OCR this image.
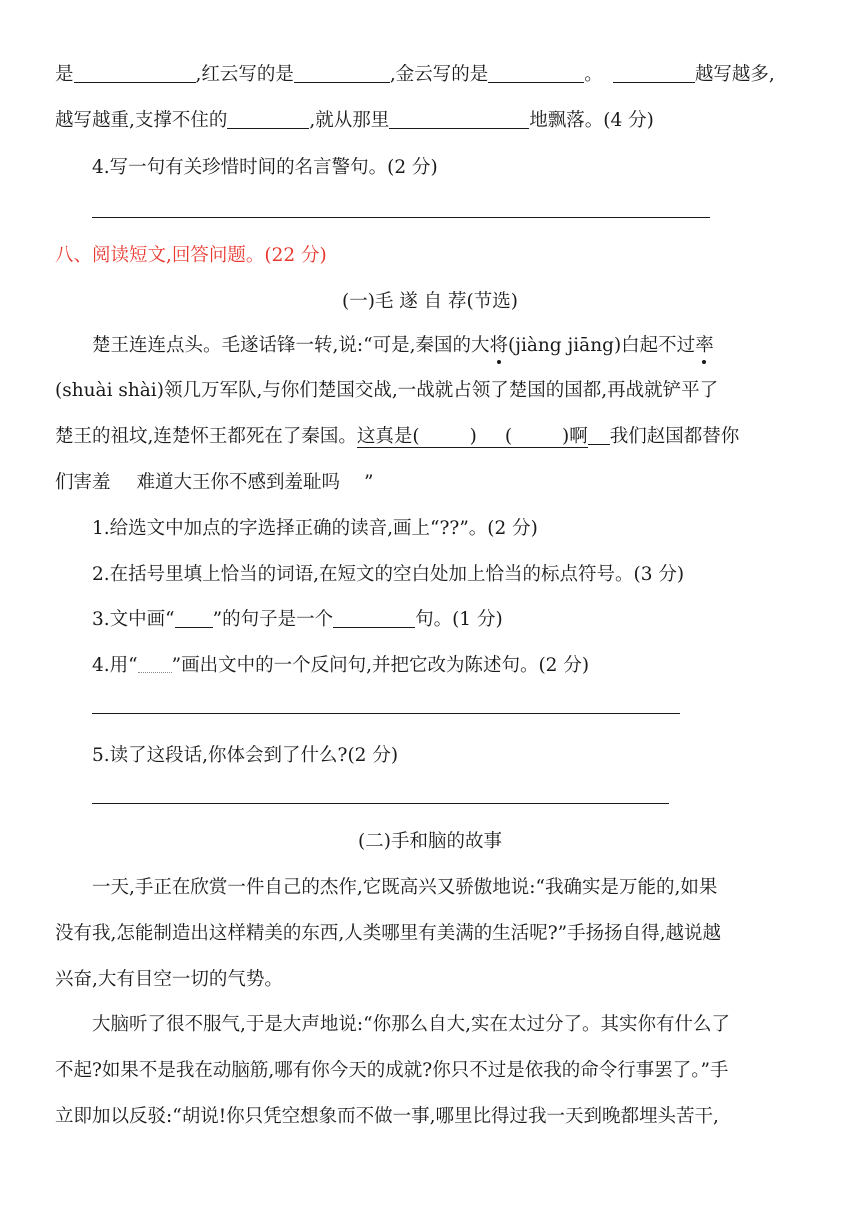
是	,红云写的是	,金云写的是	。	越写越多,
越写越重,支撑不住的	,就从那里	地飘落。(4 分)
4.写一句有关珍惜时间的名言警句。(2 分)
八、阅读短文,回答问题。(22 分)
(一)毛 遂 自 荐(节选)
楚王连连点头。毛遂话锋一转,说:“可是,秦国的大将(jiàng jiāng)白起不过率
(shuài shài)领几万军队,与你们楚国交战,一战就占领了楚国的国都,再战就铲平了
楚王的祖坟,连楚怀王都死在了秦国。这真是(	) (	)啊 我们赵国都替你
们害羞 难道大王你不感到羞耻吗 ”
1.给选文中加点的字选择正确的读音,画上“??”。(2 分)
2.在括号里填上恰当的词语,在短文的空白处加上恰当的标点符号。(3 分)
3.文中画“ ”的句子是一个	句。(1 分)
4.用“ ”画出文中的一个反问句,并把它改为陈述句。(2 分)
5.读了这段话,你体会到了什么?(2 分)
(二)手和脑的故事
一天,手正在欣赏一件自己的杰作,它既高兴又骄傲地说:“我确实是万能的,如果
没有我,怎能制造出这样精美的东西,人类哪里有美满的生活呢?”手扬扬自得,越说越
兴奋,大有目空一切的气势。
大脑听了很不服气,于是大声地说:“你那么自大,实在太过分了。其实你有什么了
不起?如果不是我在动脑筋,哪有你今天的成就?你只不过是依我的命令行事罢了。”手
立即加以反驳:“胡说!你只凭空想象而不做一事,哪里比得过我一天到晚都埋头苦干,
